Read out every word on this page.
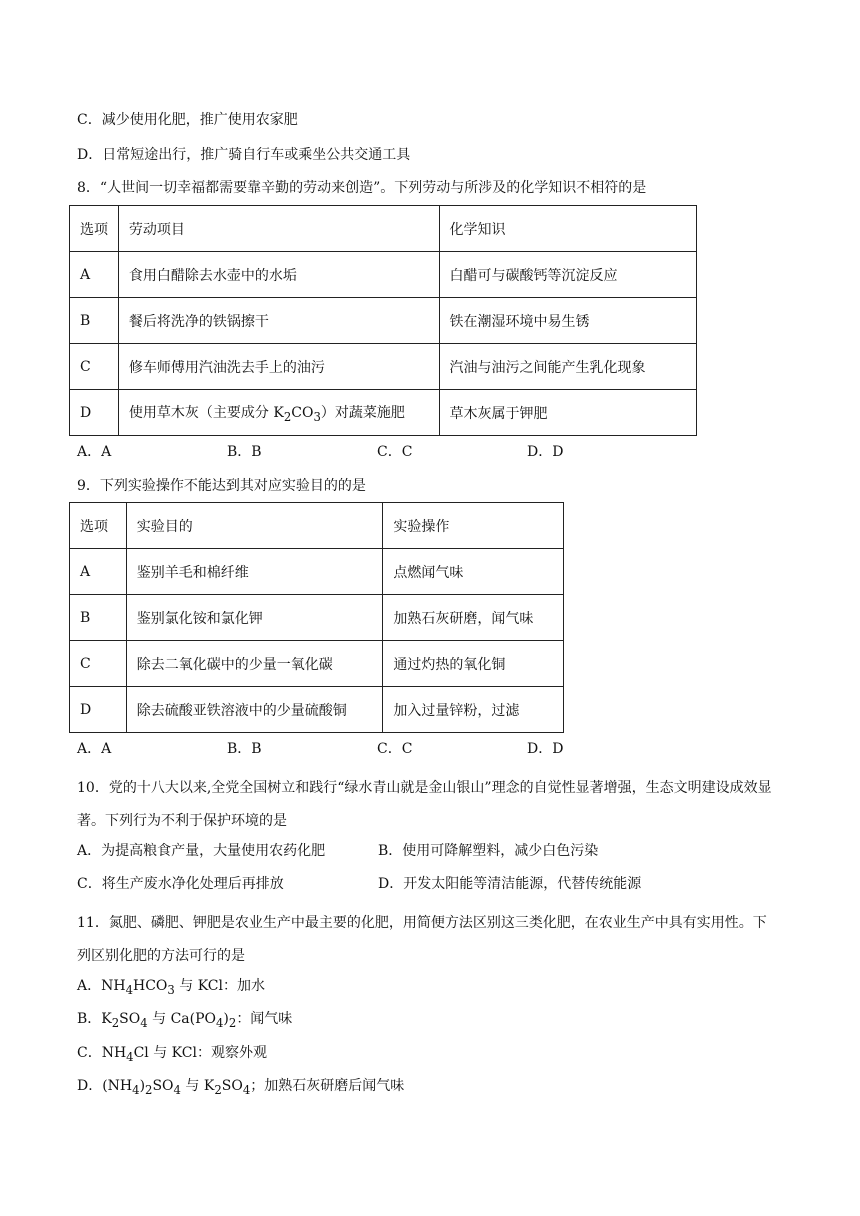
C．减少使用化肥，推广使用农家肥
D．日常短途出行，推广骑自行车或乘坐公共交通工具
8．“人世间一切幸福都需要靠辛勤的劳动来创造”。下列劳动与所涉及的化学知识不相符的是
选项	劳动项目	化学知识
A	食用白醋除去水壶中的水垢	白醋可与碳酸钙等沉淀反应
B	餐后将洗净的铁锅擦干	铁在潮湿环境中易生锈
C	修车师傅用汽油洗去手上的油污	汽油与油污之间能产生乳化现象
D	使用草木灰（主要成分 $K_2CO_3$）对蔬菜施肥	草木灰属于钾肥
A．A	B．B	C．C	D．D
9．下列实验操作不能达到其对应实验目的的是
选项	实验目的	实验操作
A	鉴别羊毛和棉纤维	点燃闻气味
B	鉴别氯化铵和氯化钾	加熟石灰研磨，闻气味
C	除去二氧化碳中的少量一氧化碳	通过灼热的氧化铜
D	除去硫酸亚铁溶液中的少量硫酸铜	加入过量锌粉，过滤
A．A	B．B	C．C	D．D
10．党的十八大以来,全党全国树立和践行“绿水青山就是金山银山”理念的自觉性显著增强，生态文明建设成效显著。下列行为不利于保护环境的是
A．为提高粮食产量，大量使用农药化肥	B．使用可降解塑料，减少白色污染
C．将生产废水净化处理后再排放	D．开发太阳能等清洁能源，代替传统能源
11．氮肥、磷肥、钾肥是农业生产中最主要的化肥，用简便方法区别这三类化肥，在农业生产中具有实用性。下列区别化肥的方法可行的是
A．$NH_4HCO_3$ 与 KCl：加水
B．$K_2SO_4$ 与 $Ca(PO_4)_2$：闻气味
C．$NH_4Cl$ 与 KCl：观察外观
D．$(NH_4)_2SO_4$ 与 $K_2SO_4$；加熟石灰研磨后闻气味
